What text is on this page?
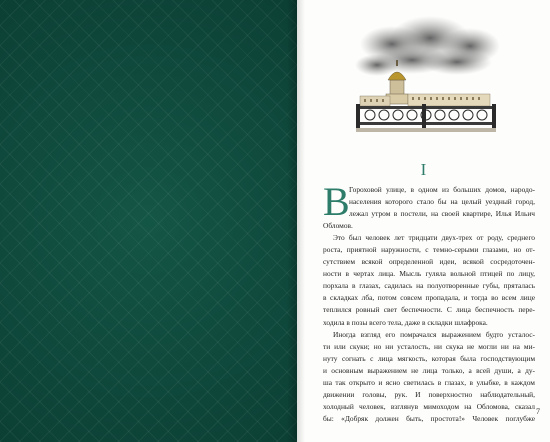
I
В Гороховой улице, в одном из больших домов, народо-
населения которого стало бы на целый уездный город,
лежал утром в постели, на своей квартире, Илья Ильич
Обломов.
Это был человек лет тридцати двух-трех от роду, среднего
роста, приятной наружности, с темно-серыми глазами, но от-
сутствием всякой определенной идеи, всякой сосредоточен-
ности в чертах лица. Мысль гуляла вольной птицей по лицу,
порхала в глазах, садилась на полуотворенные губы, пряталась
в складках лба, потом совсем пропадала, и тогда во всем лице
теплился ровный свет беспечности. С лица беспечность пере-
ходила в позы всего тела, даже в складки шлафрока.
Иногда взгляд его помрачался выражением будто усталос-
ти или скуки; но ни усталость, ни скука не могли ни на ми-
нуту согнать с лица мягкость, которая была господствующим
и основным выражением не лица только, а всей души, а ду-
ша так открыто и ясно светилась в глазах, в улыбке, в каждом
движении головы, рук. И поверхностно наблюдательный,
холодный человек, взглянув мимоходом на Обломова, сказал
бы: «Добряк должен быть, простота!» Человек поглубже
7
